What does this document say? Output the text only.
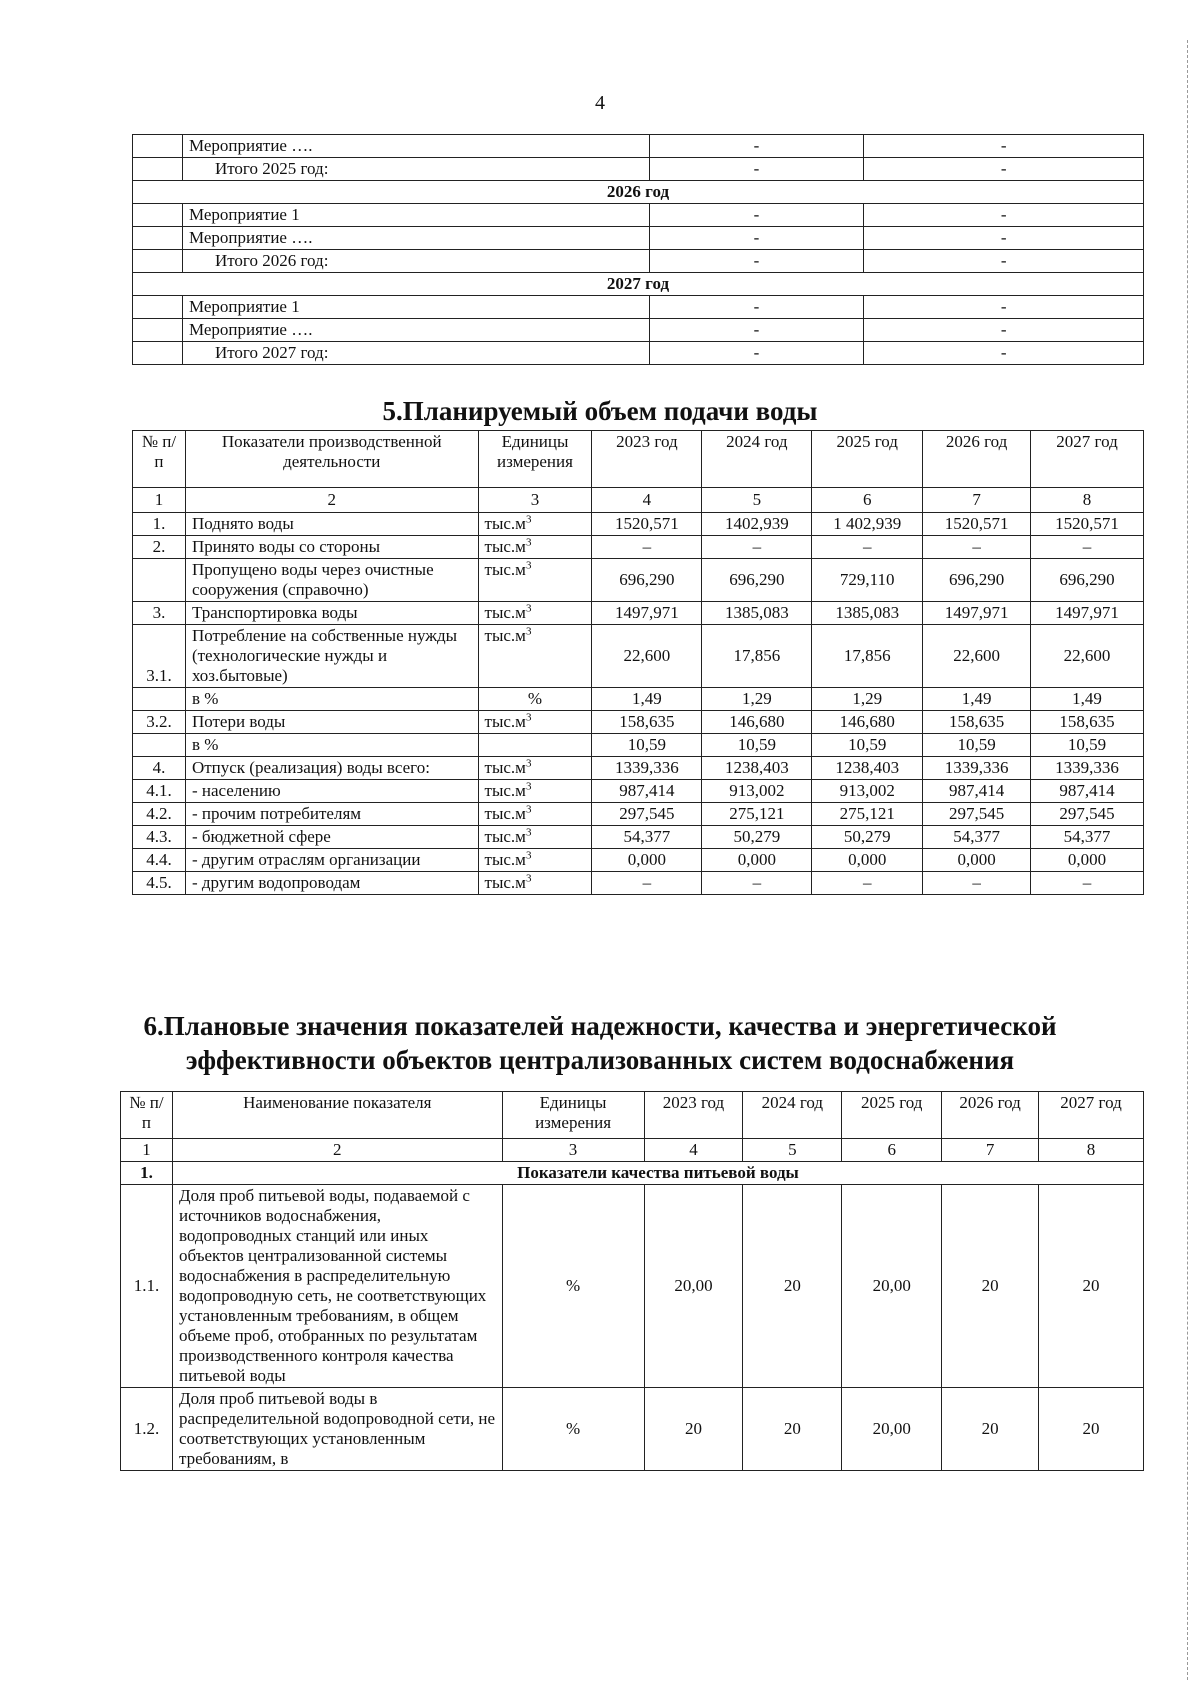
4
	Мероприятие ….	-	-
	Итого 2025 год:	-	-
2026 год			
	Мероприятие 1	-	-
	Мероприятие ….	-	-
	Итого 2026 год:	-	-
2027 год			
	Мероприятие 1	-	-
	Мероприятие ….	-	-
	Итого 2027 год:	-	-
5.Планируемый объем подачи воды
№ п/п	Показатели производственной деятельности	Единицы измерения	2023 год	2024 год	2025 год	2026 год	2027 год
1	2	3	4	5	6	7	8
1.	Поднято воды	$тыс.м^3$	1520,571	1402,939	1 402,939	1520,571	1520,571
2.	Принято воды со стороны	$тыс.м^3$	–	–	–	–	–
	Пропущено воды через очистные сооружения (справочно)	$тыс.м^3$	696,290	696,290	729,110	696,290	696,290
3.	Транспортировка воды	$тыс.м^3$	1497,971	1385,083	1385,083	1497,971	1497,971
3.1.	Потребление на собственные нужды (технологические нужды и хоз.бытовые)	$тыс.м^3$	22,600	17,856	17,856	22,600	22,600
	в %	%	1,49	1,29	1,29	1,49	1,49
3.2.	Потери воды	$тыс.м^3$	158,635	146,680	146,680	158,635	158,635
	в %		10,59	10,59	10,59	10,59	10,59
4.	Отпуск (реализация) воды всего:	$тыс.м^3$	1339,336	1238,403	1238,403	1339,336	1339,336
4.1.	- населению	$тыс.м^3$	987,414	913,002	913,002	987,414	987,414
4.2.	- прочим потребителям	$тыс.м^3$	297,545	275,121	275,121	297,545	297,545
4.3.	- бюджетной сфере	$тыс.м^3$	54,377	50,279	50,279	54,377	54,377
4.4.	- другим отраслям организации	$тыс.м^3$	0,000	0,000	0,000	0,000	0,000
4.5.	- другим водопроводам	$тыс.м^3$	–	–	–	–	–
6.Плановые значения показателей надежности, качества и энергетической
эффективности объектов централизованных систем водоснабжения
№ п/п	Наименование показателя	Единицы измерения	2023 год	2024 год	2025 год	2026 год	2027 год
1	2	3	4	5	6	7	8
1.	Показатели качества питьевой воды						
1.1.	Доля проб питьевой воды, подаваемой с источников водоснабжения, водопроводных станций или иных объектов централизованной системы водоснабжения в распределительную водопроводную сеть, не соответствующих установленным требованиям, в общем объеме проб, отобранных по результатам производственного контроля качества питьевой воды	%	20,00	20	20,00	20	20
1.2.	Доля проб питьевой воды в распределительной водопроводной сети, не соответствующих установленным требованиям, в	%	20	20	20,00	20	20
